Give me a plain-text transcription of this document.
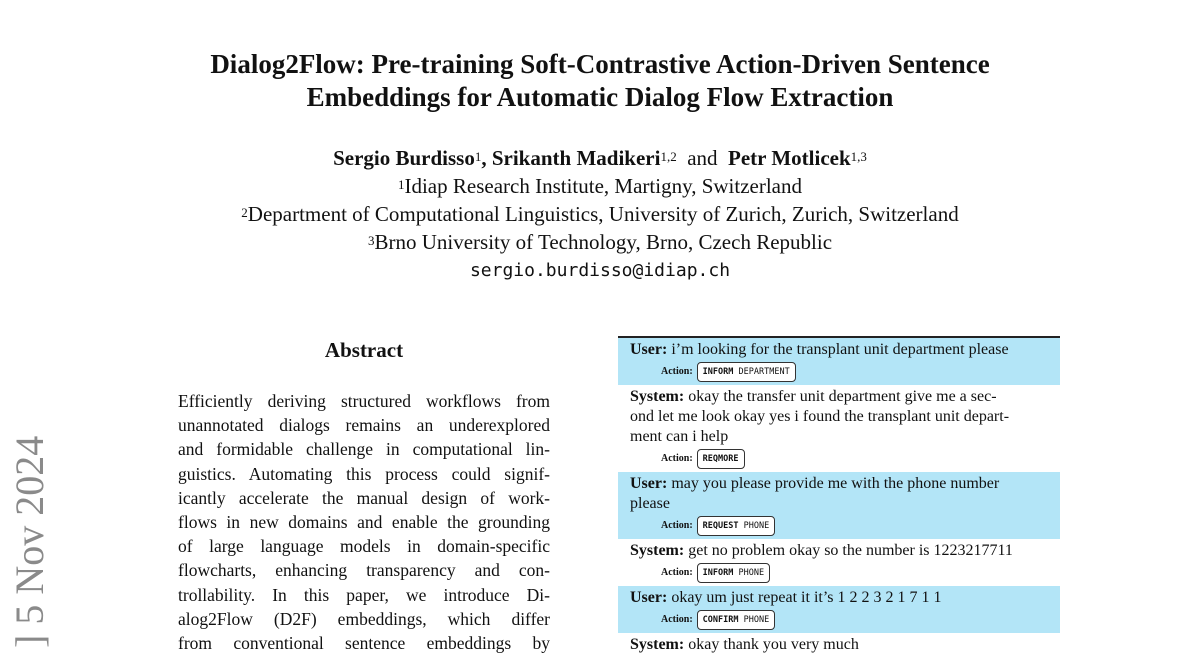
Dialog2Flow: Pre-training Soft-Contrastive Action-Driven Sentence
Embeddings for Automatic Dialog Flow Extraction
Sergio Burdisso$^1$, Srikanth Madikeri$^{1,2}$ and Petr Motlicek$^{1,3}$
$^1$Idiap Research Institute, Martigny, Switzerland
$^2$Department of Computational Linguistics, University of Zurich, Zurich, Switzerland
$^3$Brno University of Technology, Brno, Czech Republic
sergio.burdisso@idiap.ch
] 5 Nov 2024
Abstract
Efficiently deriving structured workflows from
unannotated dialogs remains an underexplored
and formidable challenge in computational lin-
guistics. Automating this process could signif-
icantly accelerate the manual design of work-
flows in new domains and enable the grounding
of large language models in domain-specific
flowcharts, enhancing transparency and con-
trollability. In this paper, we introduce Di-
alog2Flow (D2F) embeddings, which differ
from conventional sentence embeddings by
User: i’m looking for the transplant unit department please
Action:	INFORM DEPARTMENT
System: okay the transfer unit department give me a sec-
ond let me look okay yes i found the transplant unit depart-
ment can i help
Action:	REQMORE
User: may you please provide me with the phone number
please
Action:	REQUEST PHONE
System: get no problem okay so the number is 1223217711
Action:	INFORM PHONE
User: okay um just repeat it it’s 1 2 2 3 2 1 7 1 1
Action:	CONFIRM PHONE
System: okay thank you very much
